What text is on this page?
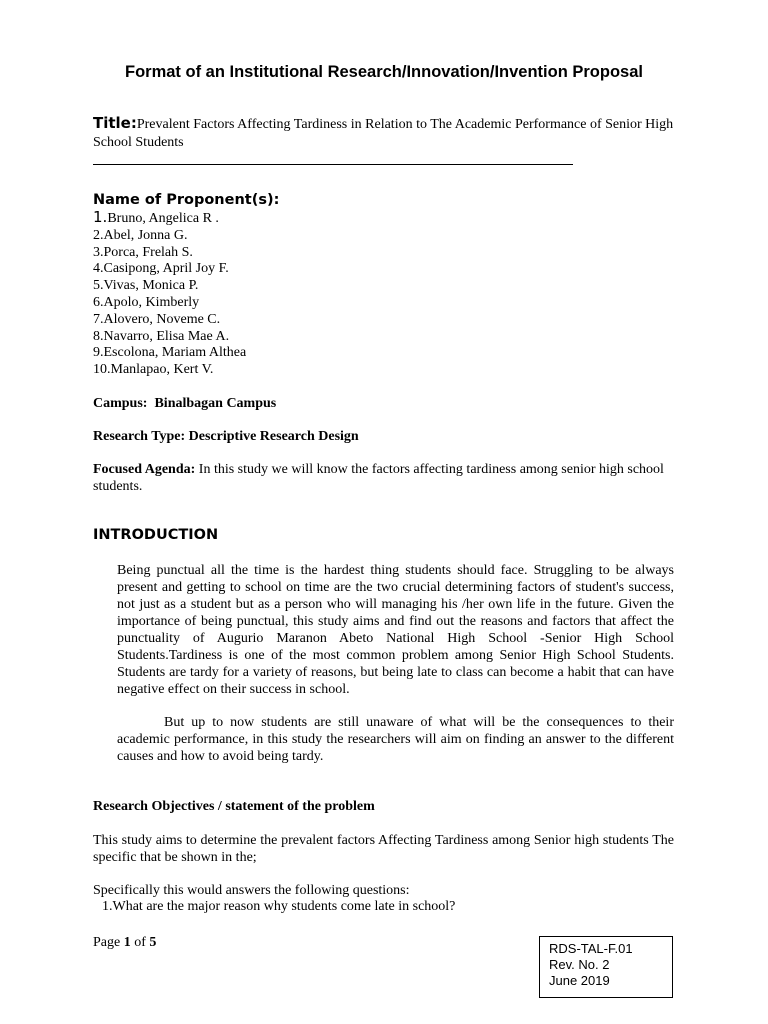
Format of an Institutional Research/Innovation/Invention Proposal
Title:Prevalent Factors Affecting Tardiness in Relation to The Academic Performance of Senior High School Students
Name of Proponent(s):
1.Bruno, Angelica R .
2.Abel, Jonna G.
3.Porca, Frelah S.
4.Casipong, April Joy F.
5.Vivas, Monica P.
6.Apolo, Kimberly
7.Alovero, Noveme C.
8.Navarro, Elisa Mae A.
9.Escolona, Mariam Althea
10.Manlapao, Kert V.
Campus: Binalbagan Campus
Research Type: Descriptive Research Design
Focused Agenda: In this study we will know the factors affecting tardiness among senior high school students.
INTRODUCTION

Being punctual all the time is the hardest thing students should face. Struggling to be always present and getting to school on time are the two crucial determining factors of student's success, not just as a student but as a person who will managing his /her own life in the future. Given the importance of being punctual, this study aims and find out the reasons and factors that affect the punctuality of Augurio Maranon Abeto National High School -Senior High School Students.Tardiness is one of the most common problem among Senior High School Students. Students are tardy for a variety of reasons, but being late to class can become a habit that can have negative effect on their success in school.

But up to now students are still unaware of what will be the consequences to their academic performance, in this study the researchers will aim on finding an answer to the different causes and how to avoid being tardy.

Research Objectives / statement of the problem

This study aims to determine the prevalent factors Affecting Tardiness among Senior high students The specific that be shown in the;

Specifically this would answers the following questions:

1.What are the major reason why students come late in school?
Page 1 of 5	RDS-TAL-F.01
Rev. No. 2
June 2019
